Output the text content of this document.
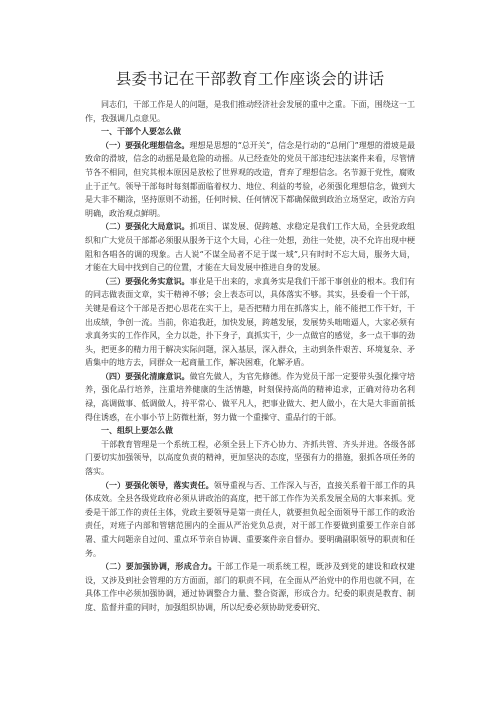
县委书记在干部教育工作座谈会的讲话

同志们，干部工作是人的问题，是我们推动经济社会发展的重中之重。下面，围绕这一工作，我强调几点意见。

一、干部个人要怎么做

（一）要强化理想信念。理想是思想的“总开关”，信念是行动的“总闸门”理想的滑坡是最致命的滑坡，信念的动摇是最危险的动摇。从已经查处的党员干部违纪违法案件来看，尽管情节各不相同，但究其根本原因是放松了世界观的改造，背弃了理想信念。名节源于党性，腐败止于正气。领导干部每时每刻都面临着权力、地位、利益的考验，必须强化理想信念，做到大是大非不糊涂，坚持原则不动摇，任何时候、任何情况下都确保做到政治立场坚定，政治方向明确，政治观点鲜明。

（二）要强化大局意识。抓项目、谋发展、促跨越、求稳定是我们工作大局，全县党政组织和广大党员干部都必须服从服务于这个大局，心往一处想，劲往一处使，决不允许出现中梗阻和各唱各的调的现象。古人说“不谋全局者不足于谋一域”,只有时时不忘大局，服务大局，才能在大局中找到自己的位置，才能在大局发展中推进自身的发展。

（三）要强化务实意识。事业是干出来的，求真务实是我们干部干事创业的根本。我们有的同志做表面文章，实干精神不够；会上表态可以，具体落实不够。其实，县委看一个干部，关键是看这个干部是否把心思花在实干上，是否把精力用在抓落实上，能不能把工作干好，干出成绩，争创一流。当前，你追我赶，加快发展，跨越发展，发展势头咄咄逼人，大家必须有求真务实的工作作风，全力以赴，扑下身子，真抓实干，少一点做官的感觉，多一点干事的劲头，把更多的精力用于解决实际问题，深入基层，深入群众，主动到条件艰苦、环境复杂、矛盾集中的地方去，同群众一起商量工作，解决困难，化解矛盾。

（四）要强化清廉意识。做官先做人，为官先修德。作为党员干部一定要带头强化操守培养，强化品行培养，注重培养健康的生活情趣，时刻保持高尚的精神追求，正确对待功名利禄，高调做事、低调做人，持平常心、做平凡人，把事业做大、把人做小，在大是大非面前抵得住诱惑，在小事小节上防微杜渐，努力做一个重操守、重品行的干部。

一、组织上要怎么做

干部教育管理是一个系统工程，必须全县上下齐心协力、齐抓共管、齐头并进。各级各部门要切实加强领导，以高度负责的精神，更加坚决的态度，坚强有力的措施，狠抓各项任务的落实。

（一）要强化领导，落实责任。领导重视与否、工作深入与否，直接关系着干部工作的具体成效。全县各级党政府必须从讲政治的高度，把干部工作作为关系发展全局的大事来抓。党委是干部工作的责任主体，党政主要领导是第一责任人，就要担负起全面领导干部工作的政治责任，对班子内部和管辖范围内的全面从严治党负总责，对干部工作要做到重要工作亲自部署、重大问题亲自过问、重点环节亲自协调、重要案件亲自督办。要明确副职领导的职责和任务。

（二）要加强协调，形成合力。干部工作是一项系统工程，既涉及到党的建设和政权建设，又涉及到社会管理的方方面面，部门的职责不同，在全面从严治党中的作用也就不同，在具体工作中必须加强协调，通过协调整合力量、整合资源，形成合力。纪委的职责是教育、制度、监督并重的同时，加强组织协调，所以纪委必须协助党委研究、
